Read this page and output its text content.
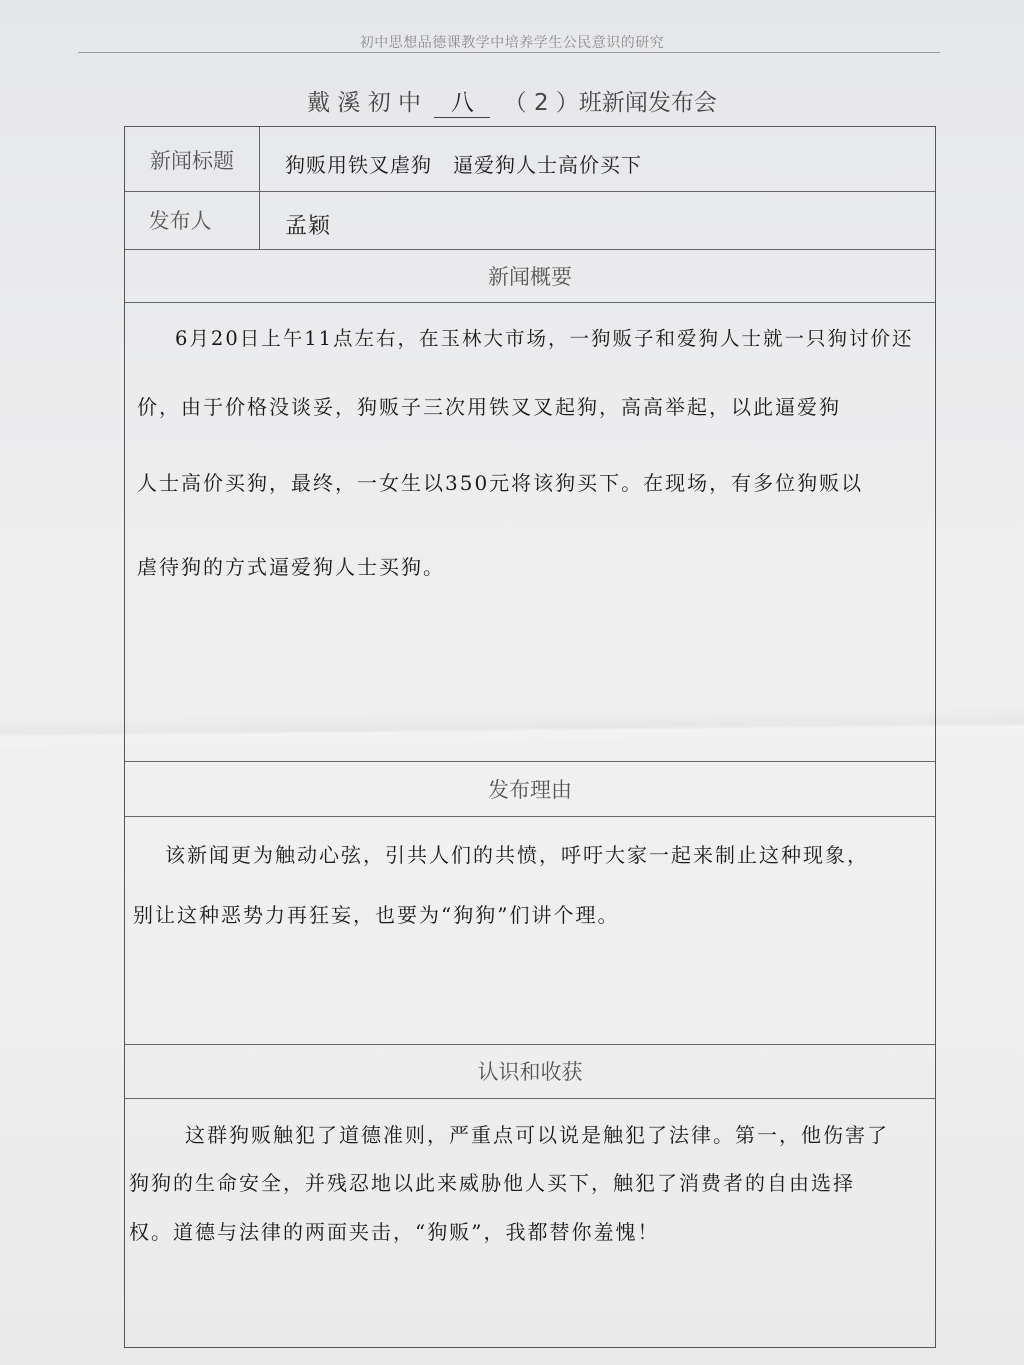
初中思想品德课教学中培养学生公民意识的研究
戴 溪 初 中 八 （ 2 ）班新闻发布会
新闻标题	狗贩用铁叉虐狗　逼爱狗人士高价买下
发布人	孟颖
新闻概要
6月20日上午11点左右，在玉林大市场，一狗贩子和爱狗人士就一只狗讨价还
价，由于价格没谈妥，狗贩子三次用铁叉叉起狗，高高举起，以此逼爱狗
人士高价买狗，最终，一女生以350元将该狗买下。在现场，有多位狗贩以
虐待狗的方式逼爱狗人士买狗。
发布理由
该新闻更为触动心弦，引共人们的共愤，呼吁大家一起来制止这种现象，
别让这种恶势力再狂妄，也要为“狗狗”们讲个理。
认识和收获
这群狗贩触犯了道德准则，严重点可以说是触犯了法律。第一，他伤害了
狗狗的生命安全，并残忍地以此来威胁他人买下，触犯了消费者的自由选择
权。道德与法律的两面夹击，“狗贩”，我都替你羞愧！
